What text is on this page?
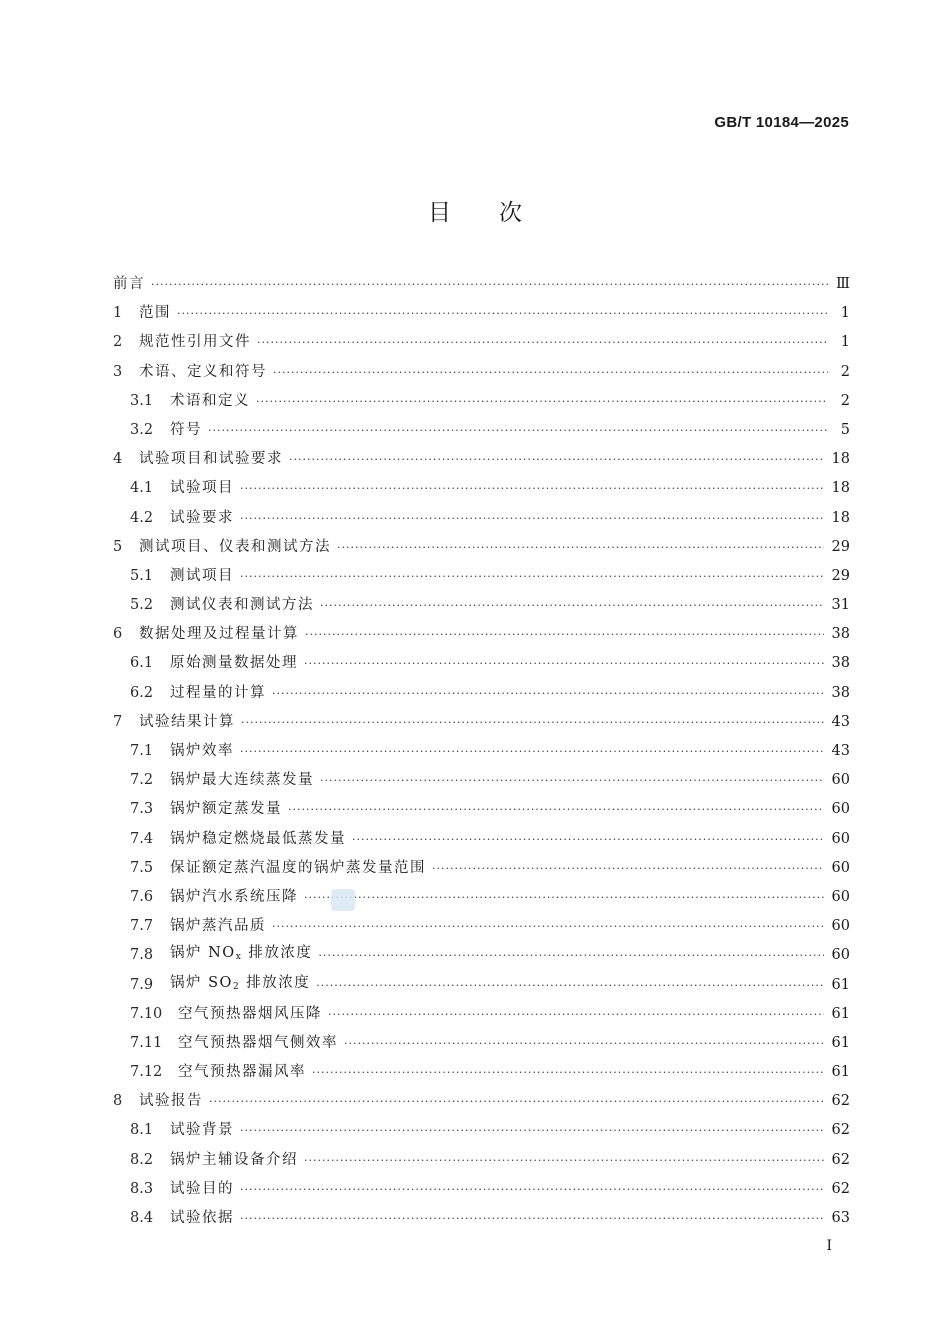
GB/T 10184—2025
目次
前言 ·····	Ⅲ
1	范围 ·····	1
2	规范性引用文件 ·····	1
3	术语、定义和符号 ·····	2
3.1	术语和定义 ·····	2
3.2	符号 ·····	5
4	试验项目和试验要求 ·····	18
4.1	试验项目 ·····	18
4.2	试验要求 ·····	18
5	测试项目、仪表和测试方法 ·····	29
5.1	测试项目 ·····	29
5.2	测试仪表和测试方法 ·····	31
6	数据处理及过程量计算 ·····	38
6.1	原始测量数据处理 ·····	38
6.2	过程量的计算 ·····	38
7	试验结果计算 ·····	43
7.1	锅炉效率 ·····	43
7.2	锅炉最大连续蒸发量 ·····	60
7.3	锅炉额定蒸发量 ·····	60
7.4	锅炉稳定燃烧最低蒸发量 ·····	60
7.5	保证额定蒸汽温度的锅炉蒸发量范围 ·····	60
7.6	锅炉汽水系统压降 ·····	60
7.7	锅炉蒸汽品质 ·····	60
7.8	锅炉 $NO_x$ 排放浓度 ·····	60
7.9	锅炉 $SO_2$ 排放浓度 ·····	61
7.10	空气预热器烟风压降 ·····	61
7.11	空气预热器烟气侧效率 ·····	61
7.12	空气预热器漏风率 ·····	61
8	试验报告 ·····	62
8.1	试验背景 ·····	62
8.2	锅炉主辅设备介绍 ·····	62
8.3	试验目的 ·····	62
8.4	试验依据 ·····	63
I
